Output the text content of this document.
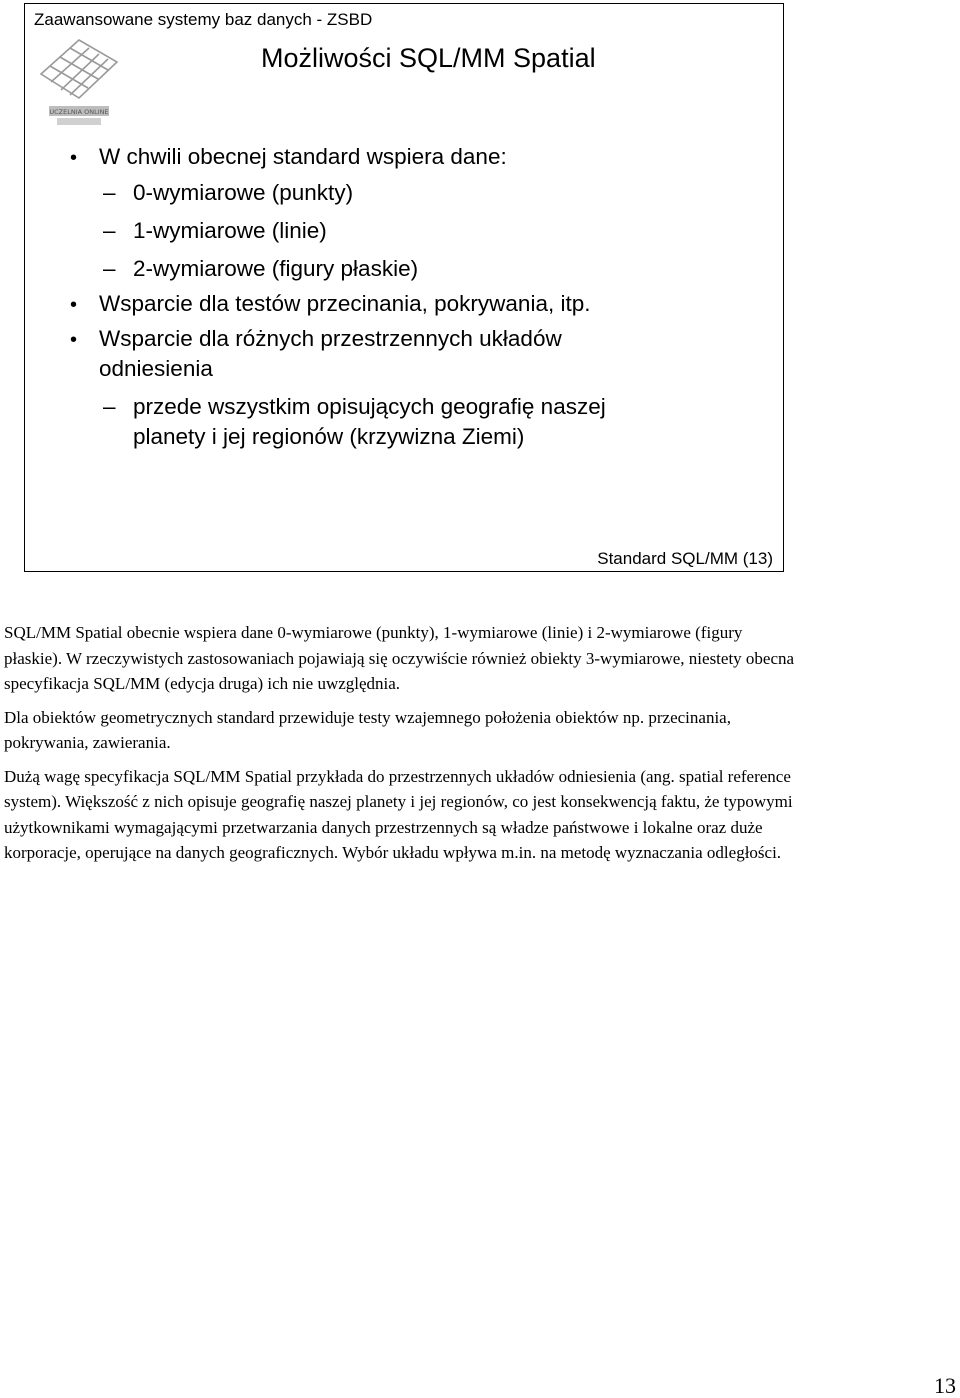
Zaawansowane systemy baz danych - ZSBD
UCZELNIA ONLINE
Możliwości SQL/MM Spatial
• W chwili obecnej standard wspiera dane:
– 0-wymiarowe (punkty)
– 1-wymiarowe (linie)
– 2-wymiarowe (figury płaskie)
• Wsparcie dla testów przecinania, pokrywania, itp.
• Wsparcie dla różnych przestrzennych układów
odniesienia
– przede wszystkim opisujących geografię naszej
planety i jej regionów (krzywizna Ziemi)
Standard SQL/MM (13)

SQL/MM Spatial obecnie wspiera dane 0-wymiarowe (punkty), 1-wymiarowe (linie) i 2-wymiarowe (figury płaskie). W rzeczywistych zastosowaniach pojawiają się oczywiście również obiekty 3-wymiarowe, niestety obecna specyfikacja SQL/MM (edycja druga) ich nie uwzględnia.

Dla obiektów geometrycznych standard przewiduje testy wzajemnego położenia obiektów np. przecinania, pokrywania, zawierania.

Dużą wagę specyfikacja SQL/MM Spatial przykłada do przestrzennych układów odniesienia (ang. spatial reference system). Większość z nich opisuje geografię naszej planety i jej regionów, co jest konsekwencją faktu, że typowymi użytkownikami wymagającymi przetwarzania danych przestrzennych są władze państwowe i lokalne oraz duże korporacje, operujące na danych geograficznych. Wybór układu wpływa m.in. na metodę wyznaczania odległości.

13
